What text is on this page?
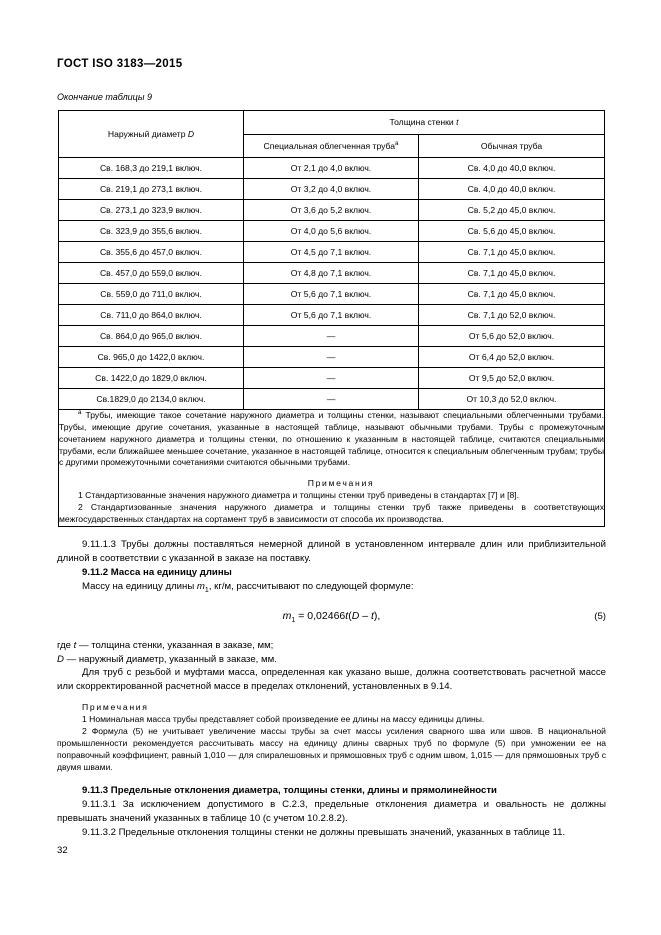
ГОСТ ISO 3183—2015
Окончание таблицы 9
Наружный диаметр D	Толщина стенки t	
	Специальная облегченная труба$^a$	Обычная труба
Св. 168,3 до 219,1 включ.	От 2,1 до 4,0 включ.	Св. 4,0 до 40,0 включ.
Св. 219,1 до 273,1 включ.	От 3,2 до 4,0 включ.	Св. 4,0 до 40,0 включ.
Св. 273,1 до 323,9 включ.	От 3,6 до 5,2 включ.	Св. 5,2 до 45,0 включ.
Св. 323,9 до 355,6 включ.	От 4,0 до 5,6 включ.	Св. 5,6 до 45,0 включ.
Св. 355,6 до 457,0 включ.	От 4,5 до 7,1 включ.	Св. 7,1 до 45,0 включ.
Св. 457,0 до 559,0 включ.	От 4,8 до 7,1 включ.	Св. 7,1 до 45,0 включ.
Св. 559,0 до 711,0 включ.	От 5,6 до 7,1 включ.	Св. 7,1 до 45,0 включ.
Св. 711,0 до 864,0 включ.	От 5,6 до 7,1 включ.	Св. 7,1 до 52,0 включ.
Св. 864,0 до 965,0 включ.	—	От 5,6 до 52,0 включ.
Св. 965,0 до 1422,0 включ.	—	От 6,4 до 52,0 включ.
Св. 1422,0 до 1829,0 включ.	—	От 9,5 до 52,0 включ.
Св.1829,0 до 2134,0 включ.	—	От 10,3 до 52,0 включ.

$^a$ Трубы, имеющие такое сочетание наружного диаметра и толщины стенки, называют специальными облегченными трубами. Трубы, имеющие другие сочетания, указанные в настоящей таблице, называют обычными трубами. Трубы с промежуточным сочетанием наружного диаметра и толщины стенки, по отношению к указанным в настоящей таблице, считаются специальными трубами, если ближайшее меньшее сочетание, указанное в настоящей таблице, относится к специальным облегченным трубам; трубы с другими промежуточными сочетаниями считаются обычными трубами.

Примечания

1 Стандартизованные значения наружного диаметра и толщины стенки труб приведены в стандартах [7] и [8].

2 Стандартизованные значения наружного диаметра и толщины стенки труб также приведены в соответствующих межгосударственных стандартах на сортамент труб в зависимости от способа их производства.		

9.11.1.3 Трубы должны поставляться немерной длиной в установленном интервале длин или приблизительной длиной в соответствии с указанной в заказе на поставку.

9.11.2 Масса на единицу длины

Массу на единицу длины $m_1$, кг/м, рассчитывают по следующей формуле:

$m_1 = 0,02466t(D - t)$,	(5)

где t — толщина стенки, указанная в заказе, мм;

D — наружный диаметр, указанный в заказе, мм.

Для труб с резьбой и муфтами масса, определенная как указано выше, должна соответствовать расчетной массе или скорректированной расчетной массе в пределах отклонений, установленных в 9.14.

Примечания

1 Номинальная масса трубы представляет собой произведение ее длины на массу единицы длины.

2 Формула (5) не учитывает увеличение массы трубы за счет массы усиления сварного шва или швов. В национальной промышленности рекомендуется рассчитывать массу на единицу длины сварных труб по формуле (5) при умножении ее на поправочный коэффициент, равный 1,010 — для спиралешовных и прямошовных труб с одним швом, 1,015 — для прямошовных труб с двумя швами.

9.11.3 Предельные отклонения диаметра, толщины стенки, длины и прямолинейности

9.11.3.1 За исключением допустимого в С.2.3, предельные отклонения диаметра и овальность не должны превышать значений указанных в таблице 10 (с учетом 10.2.8.2).

9.11.3.2 Предельные отклонения толщины стенки не должны превышать значений, указанных в таблице 11.

32
